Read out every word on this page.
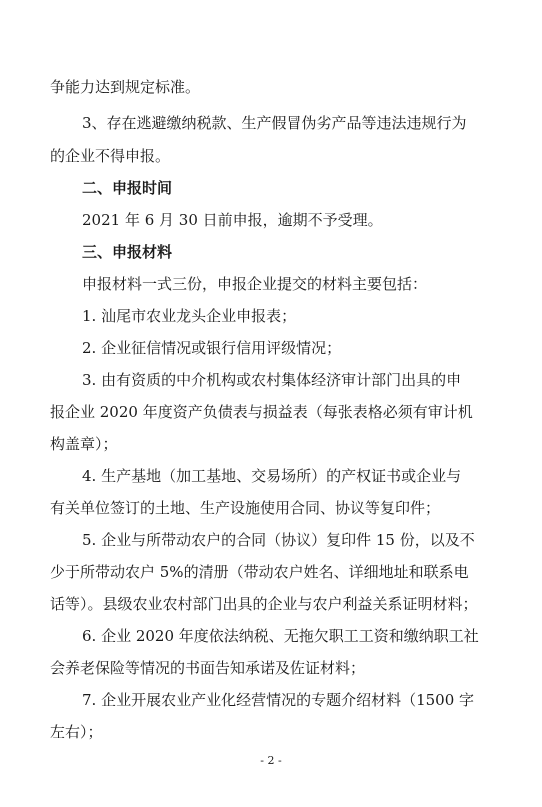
争能力达到规定标准。
3、存在逃避缴纳税款、生产假冒伪劣产品等违法违规行为
的企业不得申报。
二、申报时间
2021 年 6 月 30 日前申报，逾期不予受理。
三、申报材料
申报材料一式三份，申报企业提交的材料主要包括：
1. 汕尾市农业龙头企业申报表；
2. 企业征信情况或银行信用评级情况；
3. 由有资质的中介机构或农村集体经济审计部门出具的申
报企业 2020 年度资产负债表与损益表（每张表格必须有审计机
构盖章）；
4. 生产基地（加工基地、交易场所）的产权证书或企业与
有关单位签订的土地、生产设施使用合同、协议等复印件；
5. 企业与所带动农户的合同（协议）复印件 15 份，以及不
少于所带动农户 5%的清册（带动农户姓名、详细地址和联系电
话等）。县级农业农村部门出具的企业与农户利益关系证明材料；
6. 企业 2020 年度依法纳税、无拖欠职工工资和缴纳职工社
会养老保险等情况的书面告知承诺及佐证材料；
7. 企业开展农业产业化经营情况的专题介绍材料（1500 字
左右）；
- 2 -
